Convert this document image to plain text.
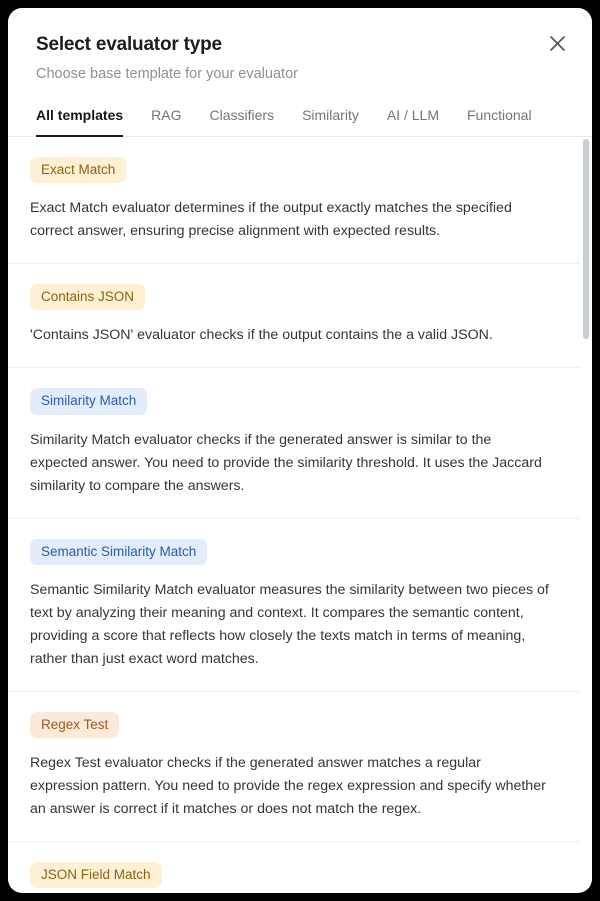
Select evaluator type
Choose base template for your evaluator
All templates RAG Classifiers Similarity AI / LLM Functional
Exact Match
Exact Match evaluator determines if the output exactly matches the specified correct answer, ensuring precise alignment with expected results.
Contains JSON
'Contains JSON' evaluator checks if the output contains the a valid JSON.
Similarity Match
Similarity Match evaluator checks if the generated answer is similar to the expected answer. You need to provide the similarity threshold. It uses the Jaccard similarity to compare the answers.
Semantic Similarity Match
Semantic Similarity Match evaluator measures the similarity between two pieces of text by analyzing their meaning and context. It compares the semantic content, providing a score that reflects how closely the texts match in terms of meaning, rather than just exact word matches.
Regex Test
Regex Test evaluator checks if the generated answer matches a regular expression pattern. You need to provide the regex expression and specify whether an answer is correct if it matches or does not match the regex.
JSON Field Match
